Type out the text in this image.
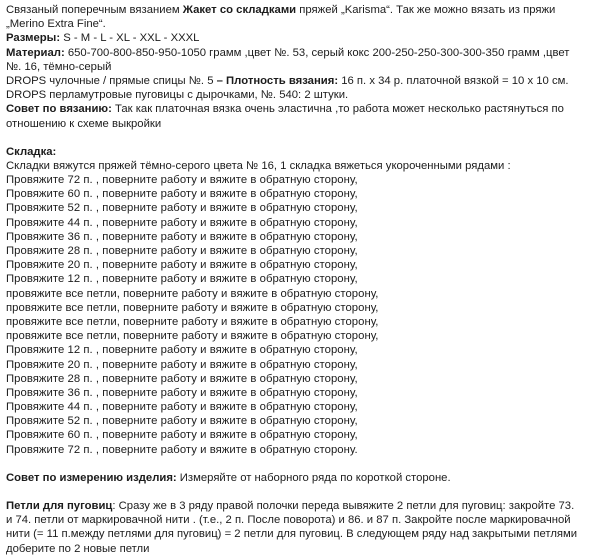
Связаный поперечным вязанием Жакет со складками пряжей „Karisma“. Так же можно вязать из пряжи
„Merino Extra Fine“.
Размеры: S - M - L - XL - XXL - XXXL
Материал: 650-700-800-850-950-1050 грамм ,цвет №. 53, серый кокс 200-250-250-300-300-350 грамм ,цвет
№. 16, тёмно-серый
DROPS чулочные / прямые спицы №. 5 – Плотность вязания: 16 п. х 34 р. платочной вязкой = 10 х 10 см.
DROPS перламутровые пуговицы с дырочками, №. 540: 2 штуки.
Совет по вязанию: Так как платочная вязка очень эластична ,то работа может несколько растянуться по
отношению к схеме выкройки
Складка:
Складки вяжутся пряжей тёмно-серого цвета № 16, 1 складка вяжеться укороченными рядами :
Провяжите 72 п. , поверните работу и вяжите в обратную сторону,
Провяжите 60 п. , поверните работу и вяжите в обратную сторону,
Провяжите 52 п. , поверните работу и вяжите в обратную сторону,
Провяжите 44 п. , поверните работу и вяжите в обратную сторону,
Провяжите 36 п. , поверните работу и вяжите в обратную сторону,
Провяжите 28 п. , поверните работу и вяжите в обратную сторону,
Провяжите 20 п. , поверните работу и вяжите в обратную сторону,
Провяжите 12 п. , поверните работу и вяжите в обратную сторону,
провяжите все петли, поверните работу и вяжите в обратную сторону,
провяжите все петли, поверните работу и вяжите в обратную сторону,
провяжите все петли, поверните работу и вяжите в обратную сторону,
провяжите все петли, поверните работу и вяжите в обратную сторону,
Провяжите 12 п. , поверните работу и вяжите в обратную сторону,
Провяжите 20 п. , поверните работу и вяжите в обратную сторону,
Провяжите 28 п. , поверните работу и вяжите в обратную сторону,
Провяжите 36 п. , поверните работу и вяжите в обратную сторону,
Провяжите 44 п. , поверните работу и вяжите в обратную сторону,
Провяжите 52 п. , поверните работу и вяжите в обратную сторону,
Провяжите 60 п. , поверните работу и вяжите в обратную сторону,
Провяжите 72 п. , поверните работу и вяжите в обратную сторону.
Совет по измерению изделия: Измеряйте от наборного ряда по короткой стороне.
Петли для пуговиц: Сразу же в 3 ряду правой полочки переда вывяжите 2 петли для пуговиц: закройте 73.
и 74. петли от маркировачной нити . (т.е., 2 п. После поворота) и 86. и 87 п. Закройте после маркировачной
нити (= 11 п.между петлями для пуговиц) = 2 петли для пуговиц. В следующем ряду над закрытыми петлями
доберите по 2 новые петли
